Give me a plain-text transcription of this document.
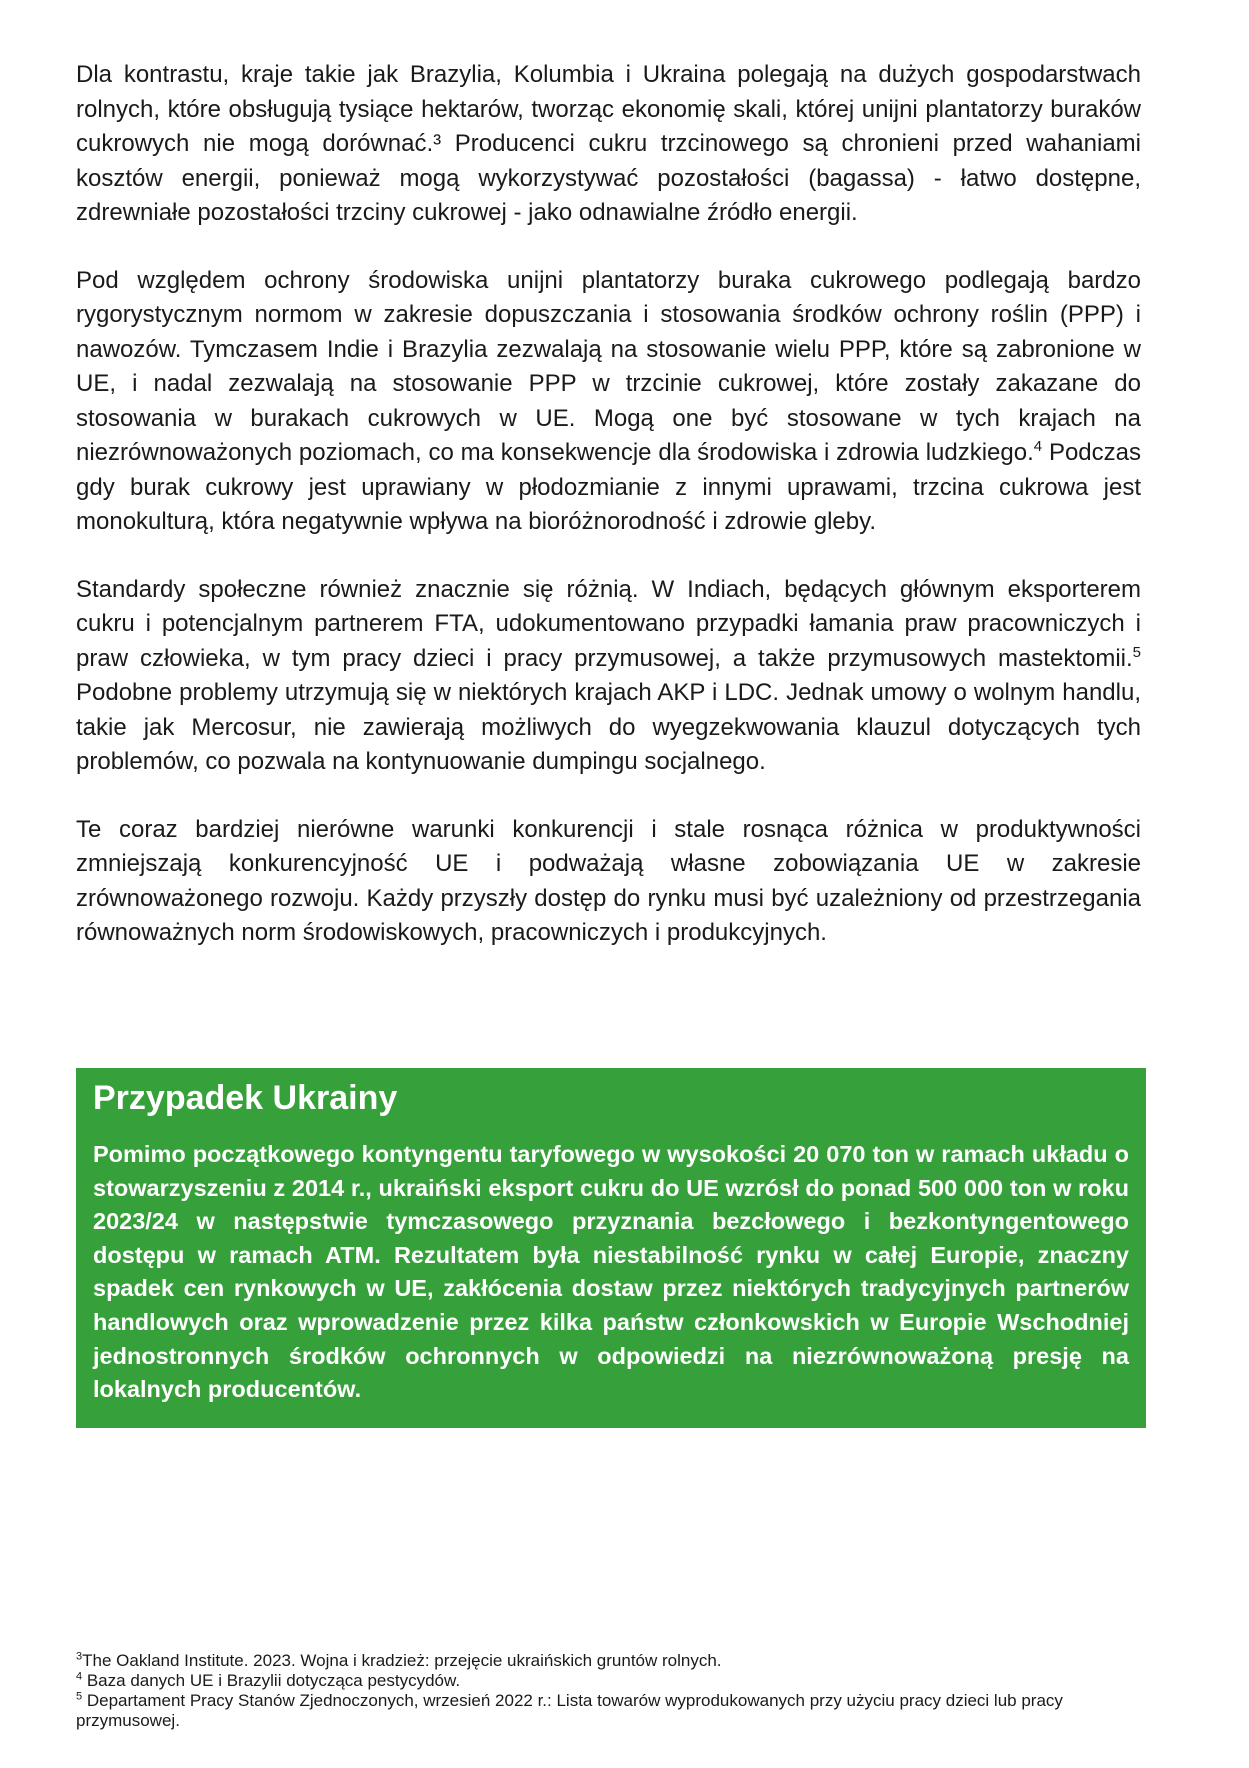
Dla kontrastu, kraje takie jak Brazylia, Kolumbia i Ukraina polegają na dużych gospodarstwach rolnych, które obsługują tysiące hektarów, tworząc ekonomię skali, której unijni plantatorzy buraków cukrowych nie mogą dorównać.³ Producenci cukru trzcinowego są chronieni przed wahaniami kosztów energii, ponieważ mogą wykorzystywać pozostałości (bagassa) - łatwo dostępne, zdrewniałe pozostałości trzciny cukrowej - jako odnawialne źródło energii.

Pod względem ochrony środowiska unijni plantatorzy buraka cukrowego podlegają bardzo rygorystycznym normom w zakresie dopuszczania i stosowania środków ochrony roślin (PPP) i nawozów. Tymczasem Indie i Brazylia zezwalają na stosowanie wielu PPP, które są zabronione w UE, i nadal zezwalają na stosowanie PPP w trzcinie cukrowej, które zostały zakazane do stosowania w burakach cukrowych w UE. Mogą one być stosowane w tych krajach na niezrównoważonych poziomach, co ma konsekwencje dla środowiska i zdrowia ludzkiego.$^4$ Podczas gdy burak cukrowy jest uprawiany w płodozmianie z innymi uprawami, trzcina cukrowa jest monokulturą, która negatywnie wpływa na bioróżnorodność i zdrowie gleby.

Standardy społeczne również znacznie się różnią. W Indiach, będących głównym eksporterem cukru i potencjalnym partnerem FTA, udokumentowano przypadki łamania praw pracowniczych i praw człowieka, w tym pracy dzieci i pracy przymusowej, a także przymusowych mastektomii.$^5$ Podobne problemy utrzymują się w niektórych krajach AKP i LDC. Jednak umowy o wolnym handlu, takie jak Mercosur, nie zawierają możliwych do wyegzekwowania klauzul dotyczących tych problemów, co pozwala na kontynuowanie dumpingu socjalnego.

Te coraz bardziej nierówne warunki konkurencji i stale rosnąca różnica w produktywności zmniejszają konkurencyjność UE i podważają własne zobowiązania UE w zakresie zrównoważonego rozwoju. Każdy przyszły dostęp do rynku musi być uzależniony od przestrzegania równoważnych norm środowiskowych, pracowniczych i produkcyjnych.

Przypadek Ukrainy

Pomimo początkowego kontyngentu taryfowego w wysokości 20 070 ton w ramach układu o stowarzyszeniu z 2014 r., ukraiński eksport cukru do UE wzrósł do ponad 500 000 ton w roku 2023/24 w następstwie tymczasowego przyznania bezcłowego i bezkontyngentowego dostępu w ramach ATM. Rezultatem była niestabilność rynku w całej Europie, znaczny spadek cen rynkowych w UE, zakłócenia dostaw przez niektórych tradycyjnych partnerów handlowych oraz wprowadzenie przez kilka państw członkowskich w Europie Wschodniej jednostronnych środków ochronnych w odpowiedzi na niezrównoważoną presję na lokalnych producentów.

$^3$The Oakland Institute. 2023. Wojna i kradzież: przejęcie ukraińskich gruntów rolnych.

$^4$ Baza danych UE i Brazylii dotycząca pestycydów.

$^5$ Departament Pracy Stanów Zjednoczonych, wrzesień 2022 r.: Lista towarów wyprodukowanych przy użyciu pracy dzieci lub pracy przymusowej.
